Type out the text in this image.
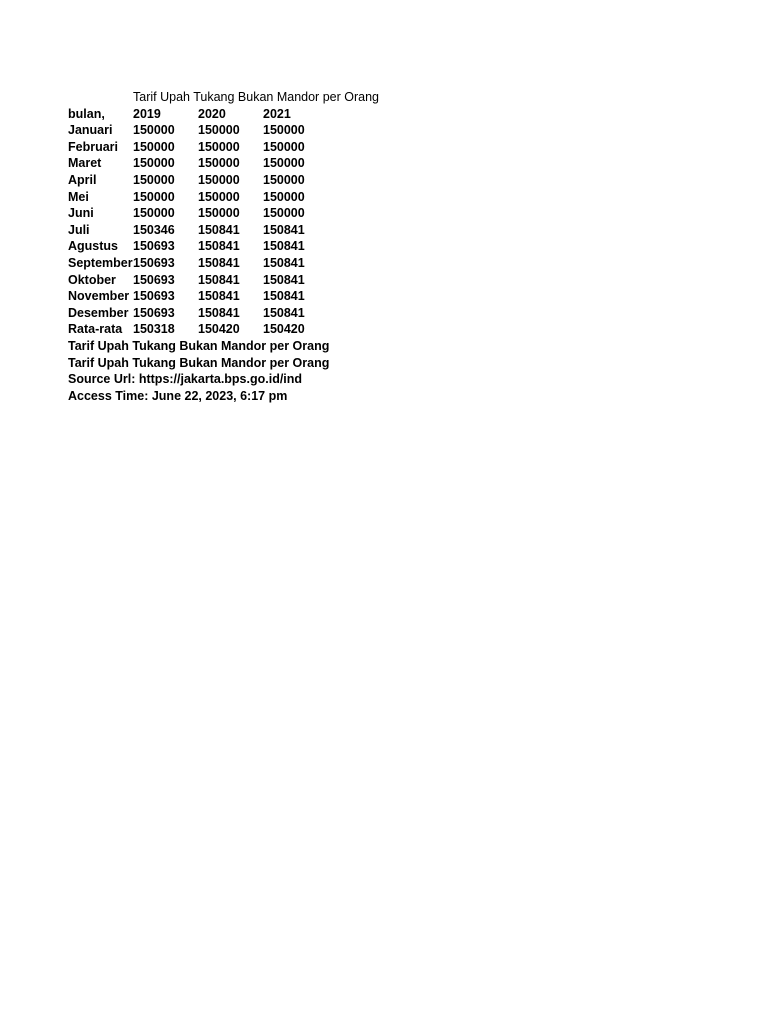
Tarif Upah Tukang Bukan Mandor per Orang
bulan,	2019	2020	2021
Januari	150000	150000	150000
Februari	150000	150000	150000
Maret	150000	150000	150000
April	150000	150000	150000
Mei	150000	150000	150000
Juni	150000	150000	150000
Juli	150346	150841	150841
Agustus	150693	150841	150841
September 150693	150841	150841
Oktober	150693	150841	150841
November 150693	150841	150841
Desember 150693	150841	150841
Rata-rata 150318	150420	150420
Tarif Upah Tukang Bukan Mandor per Orang
Tarif Upah Tukang Bukan Mandor per Orang
Source Url: https://jakarta.bps.go.id/ind
Access Time: June 22, 2023, 6:17 pm
